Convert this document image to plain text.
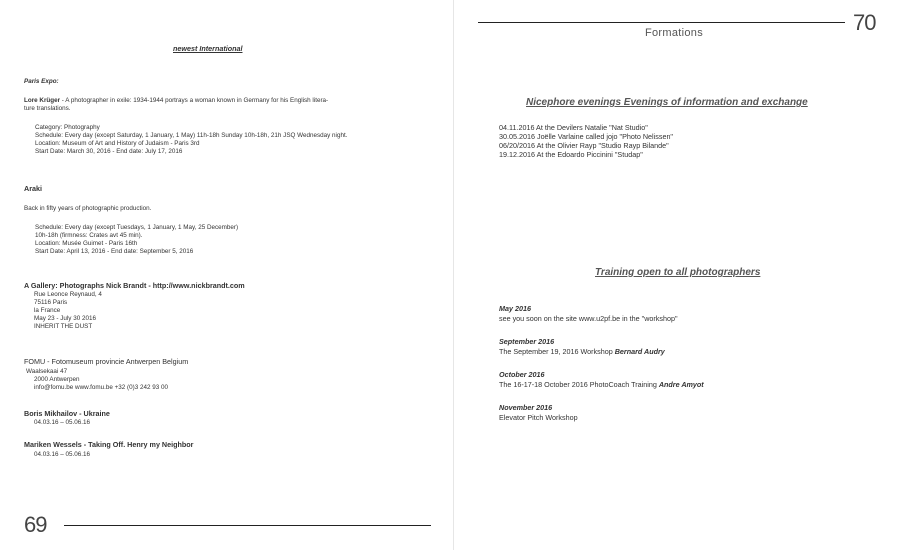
newest International
Paris Expo:
Lore Krüger - A photographer in exile: 1934-1944 portrays a woman known in Germany for his English litera-
ture translations.
Category: Photography
Schedule: Every day (except Saturday, 1 January, 1 May) 11h-18h Sunday 10h-18h, 21h JSQ Wednesday night.
Location: Museum of Art and History of Judaism - Paris 3rd
Start Date: March 30, 2016 - End date: July 17, 2016
Araki
Back in fifty years of photographic production.
Schedule: Every day (except Tuesdays, 1 January, 1 May, 25 December)
10h-18h (firmness: Crates avt 45 min).
Location: Musée Guimet - Paris 16th
Start Date: April 13, 2016 - End date: September 5, 2016
A Gallery: Photographs Nick Brandt - http://www.nickbrandt.com
Rue Leonce Reynaud, 4
75116 Paris
la France
May 23 - July 30 2016
INHERIT THE DUST
FOMU - Fotomuseum provincie Antwerpen Belgium
Waalsekaai 47
2000 Antwerpen
info@fomu.be www.fomu.be +32 (0)3 242 93 00
Boris Mikhailov - Ukraine
04.03.16 – 05.06.16
Mariken Wessels - Taking Off. Henry my Neighbor
04.03.16 – 05.06.16
69
Formations	70
Nicephore evenings Evenings of information and exchange
04.11.2016 At the Devilers Natalie "Nat Studio"
30.05.2016 Joëlle Varlaine called jojo "Photo Nelissen"
06/20/2016 At the Olivier Rayp "Studio Rayp Bilande"
19.12.2016 At the Edoardo Piccinini "Studap"
Training open to all photographers
May 2016
see you soon on the site www.u2pf.be in the "workshop"
September 2016
The September 19, 2016 Workshop Bernard Audry
October 2016
The 16-17-18 October 2016 PhotoCoach Training Andre Amyot
November 2016
Elevator Pitch Workshop
